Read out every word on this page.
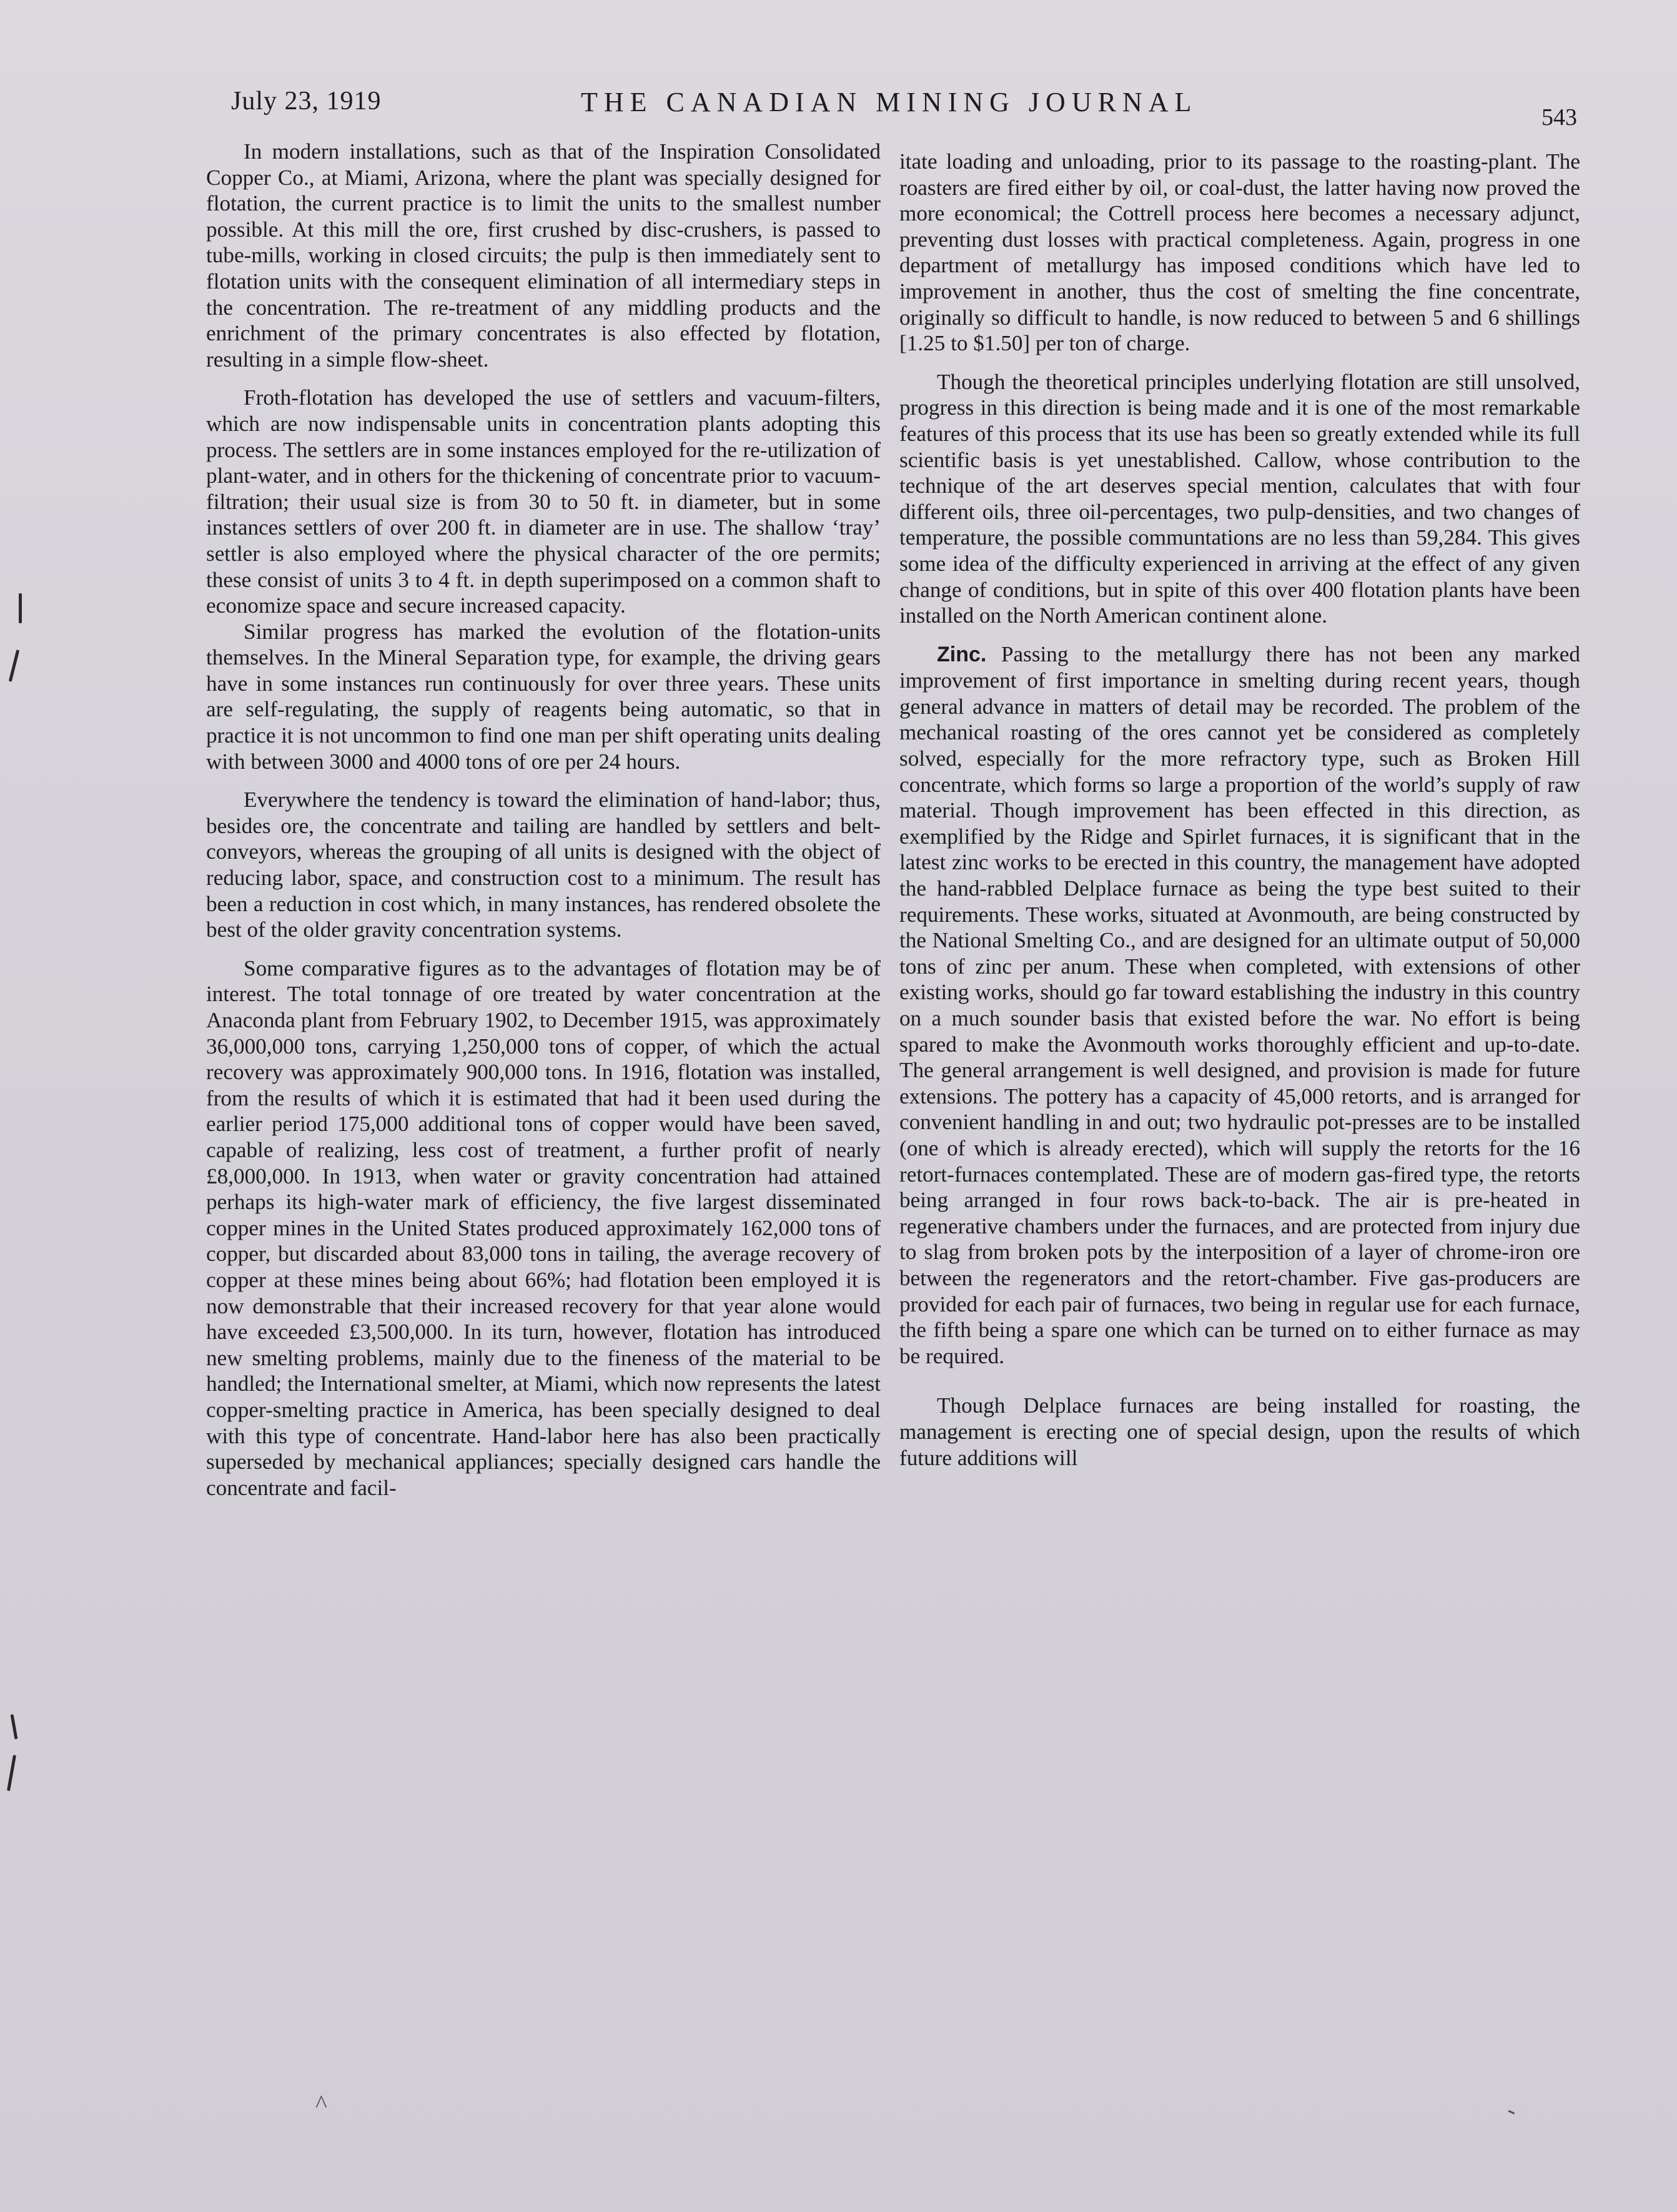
July 23, 1919	THE CANADIAN MINING JOURNAL	543

In modern installations, such as that of the Inspiration Consolidated Copper Co., at Miami, Arizona, where the plant was specially designed for flotation, the current practice is to limit the units to the smallest number possible. At this mill the ore, first crushed by disc-crushers, is passed to tube-mills, working in closed circuits; the pulp is then immediately sent to flotation units with the consequent elimination of all intermediary steps in the concentration. The re-treatment of any middling products and the enrichment of the primary concentrates is also effected by flotation, resulting in a simple flow-sheet.

Froth-flotation has developed the use of settlers and vacuum-filters, which are now indispensable units in concentration plants adopting this process. The settlers are in some instances employed for the re-utilization of plant-water, and in others for the thickening of concentrate prior to vacuum-filtration; their usual size is from 30 to 50 ft. in diameter, but in some instances settlers of over 200 ft. in diameter are in use. The shallow ‘tray’ settler is also employed where the physical character of the ore permits; these consist of units 3 to 4 ft. in depth superimposed on a common shaft to economize space and secure increased capacity.

Similar progress has marked the evolution of the flotation-units themselves. In the Mineral Separation type, for example, the driving gears have in some instances run continuously for over three years. These units are self-regulating, the supply of reagents being automatic, so that in practice it is not uncommon to find one man per shift operating units dealing with between 3000 and 4000 tons of ore per 24 hours.

Everywhere the tendency is toward the elimination of hand-labor; thus, besides ore, the concentrate and tailing are handled by settlers and belt-conveyors, whereas the grouping of all units is designed with the object of reducing labor, space, and construction cost to a minimum. The result has been a reduction in cost which, in many instances, has rendered obsolete the best of the older gravity concentration systems.

Some comparative figures as to the advantages of flotation may be of interest. The total tonnage of ore treated by water concentration at the Anaconda plant from February 1902, to December 1915, was approximately 36,000,000 tons, carrying 1,250,000 tons of copper, of which the actual recovery was approximately 900,000 tons. In 1916, flotation was installed, from the results of which it is estimated that had it been used during the earlier period 175,000 additional tons of copper would have been saved, capable of realizing, less cost of treatment, a further profit of nearly £8,000,000. In 1913, when water or gravity concentration had attained perhaps its high-water mark of efficiency, the five largest disseminated copper mines in the United States produced approximately 162,000 tons of copper, but discarded about 83,000 tons in tailing, the average recovery of copper at these mines being about 66%; had flotation been employed it is now demonstrable that their increased recovery for that year alone would have exceeded £3,500,000. In its turn, however, flotation has introduced new smelting problems, mainly due to the fineness of the material to be handled; the International smelter, at Miami, which now represents the latest copper-smelting practice in America, has been specially designed to deal with this type of concentrate. Hand-labor here has also been practically superseded by mechanical appliances; specially designed cars handle the concentrate and facil-

itate loading and unloading, prior to its passage to the roasting-plant. The roasters are fired either by oil, or coal-dust, the latter having now proved the more economical; the Cottrell process here becomes a necessary adjunct, preventing dust losses with practical completeness. Again, progress in one department of metallurgy has imposed conditions which have led to improvement in another, thus the cost of smelting the fine concentrate, originally so difficult to handle, is now reduced to between 5 and 6 shillings [1.25 to $1.50] per ton of charge.

Though the theoretical principles underlying flotation are still unsolved, progress in this direction is being made and it is one of the most remarkable features of this process that its use has been so greatly extended while its full scientific basis is yet unestablished. Callow, whose contribution to the technique of the art deserves special mention, calculates that with four different oils, three oil-percentages, two pulp-densities, and two changes of temperature, the possible communtations are no less than 59,284. This gives some idea of the difficulty experienced in arriving at the effect of any given change of conditions, but in spite of this over 400 flotation plants have been installed on the North American continent alone.

Zinc. Passing to the metallurgy there has not been any marked improvement of first importance in smelting during recent years, though general advance in matters of detail may be recorded. The problem of the mechanical roasting of the ores cannot yet be considered as completely solved, especially for the more refractory type, such as Broken Hill concentrate, which forms so large a proportion of the world’s supply of raw material. Though improvement has been effected in this direction, as exemplified by the Ridge and Spirlet furnaces, it is significant that in the latest zinc works to be erected in this country, the management have adopted the hand-rabbled Delplace furnace as being the type best suited to their requirements. These works, situated at Avonmouth, are being constructed by the National Smelting Co., and are designed for an ultimate output of 50,000 tons of zinc per anum. These when completed, with extensions of other existing works, should go far toward establishing the industry in this country on a much sounder basis that existed before the war. No effort is being spared to make the Avonmouth works thoroughly efficient and up-to-date. The general arrangement is well designed, and provision is made for future extensions. The pottery has a capacity of 45,000 retorts, and is arranged for convenient handling in and out; two hydraulic pot-presses are to be installed (one of which is already erected), which will supply the retorts for the 16 retort-furnaces contemplated. These are of modern gas-fired type, the retorts being arranged in four rows back-to-back. The air is pre-heated in regenerative chambers under the furnaces, and are protected from injury due to slag from broken pots by the interposition of a layer of chrome-iron ore between the regenerators and the retort-chamber. Five gas-producers are provided for each pair of furnaces, two being in regular use for each furnace, the fifth being a spare one which can be turned on to either furnace as may be required.

Though Delplace furnaces are being installed for roasting, the management is erecting one of special design, upon the results of which future additions will

^	-
